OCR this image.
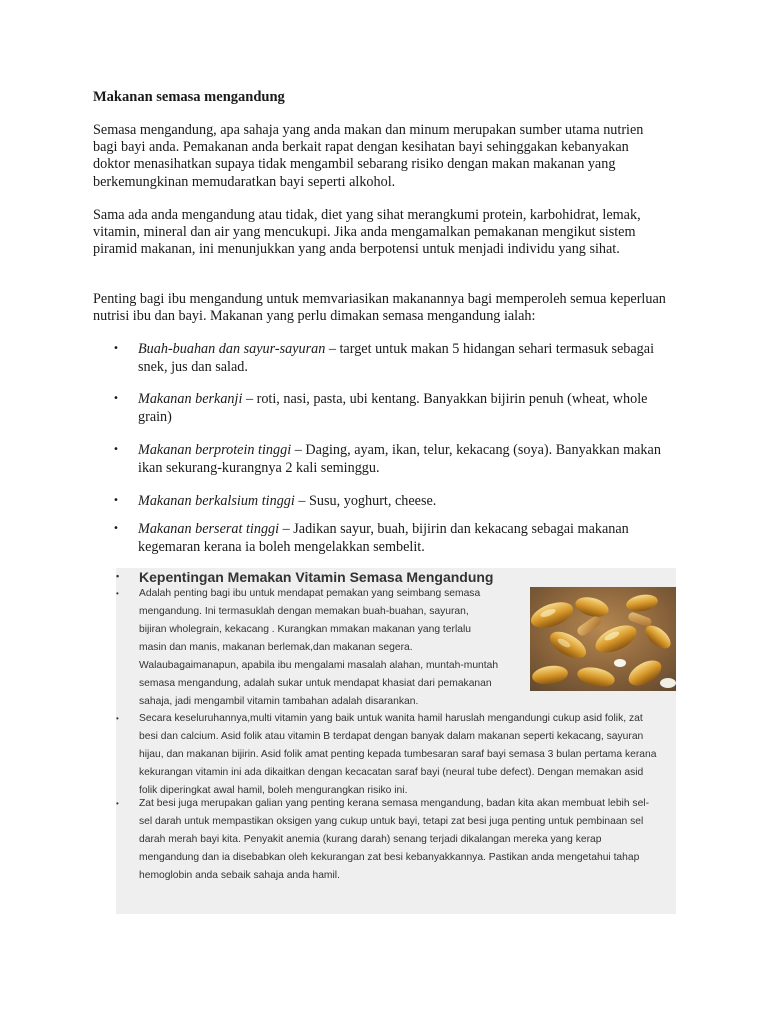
Makanan semasa mengandung

Semasa mengandung, apa sahaja yang anda makan dan minum merupakan sumber utama nutrien bagi bayi anda. Pemakanan anda berkait rapat dengan kesihatan bayi sehinggakan kebanyakan doktor menasihatkan supaya tidak mengambil sebarang risiko dengan makan makanan yang berkemungkinan memudaratkan bayi seperti alkohol.

Sama ada anda mengandung atau tidak, diet yang sihat merangkumi protein, karbohidrat, lemak, vitamin, mineral dan air yang mencukupi. Jika anda mengamalkan pemakanan mengikut sistem piramid makanan, ini menunjukkan yang anda berpotensi untuk menjadi individu yang sihat.

Penting bagi ibu mengandung untuk memvariasikan makanannya bagi memperoleh semua keperluan nutrisi ibu dan bayi. Makanan yang perlu dimakan semasa mengandung ialah:

• Buah-buahan dan sayur-sayuran – target untuk makan 5 hidangan sehari termasuk sebagai snek, jus dan salad.
• Makanan berkanji – roti, nasi, pasta, ubi kentang. Banyakkan bijirin penuh (wheat, whole grain)
• Makanan berprotein tinggi – Daging, ayam, ikan, telur, kekacang (soya). Banyakkan makan ikan sekurang-kurangnya 2 kali seminggu.
• Makanan berkalsium tinggi – Susu, yoghurt, cheese.
• Makanan berserat tinggi – Jadikan sayur, buah, bijirin dan kekacang sebagai makanan kegemaran kerana ia boleh mengelakkan sembelit.
• Kepentingan Memakan Vitamin Semasa Mengandung
• Adalah penting bagi ibu untuk mendapat pemakan yang seimbang semasa mengandung. Ini termasuklah dengan memakan buah-buahan, sayuran, bijiran wholegrain, kekacang . Kurangkan mmakan makanan yang terlalu masin dan manis, makanan berlemak,dan makanan segera. Walaubagaimanapun, apabila ibu mengalami masalah alahan, muntah-muntah semasa mengandung, adalah sukar untuk mendapat khasiat dari pemakanan sahaja, jadi mengambil vitamin tambahan adalah disarankan.
• Secara keseluruhannya,multi vitamin yang baik untuk wanita hamil haruslah mengandungi cukup asid folik, zat besi dan calcium. Asid folik atau vitamin B terdapat dengan banyak dalam makanan seperti kekacang, sayuran hijau, dan makanan bijirin. Asid folik amat penting kepada tumbesaran saraf bayi semasa 3 bulan pertama kerana kekurangan vitamin ini ada dikaitkan dengan kecacatan saraf bayi (neural tube defect). Dengan memakan asid folik diperingkat awal hamil, boleh mengurangkan risiko ini.
• Zat besi juga merupakan galian yang penting kerana semasa mengandung, badan kita akan membuat lebih sel-sel darah untuk mempastikan oksigen yang cukup untuk bayi, tetapi zat besi juga penting untuk pembinaan sel darah merah bayi kita. Penyakit anemia (kurang darah) senang terjadi dikalangan mereka yang kerap mengandung dan ia disebabkan oleh kekurangan zat besi kebanyakkannya. Pastikan anda mengetahui tahap hemoglobin anda sebaik sahaja anda hamil.
